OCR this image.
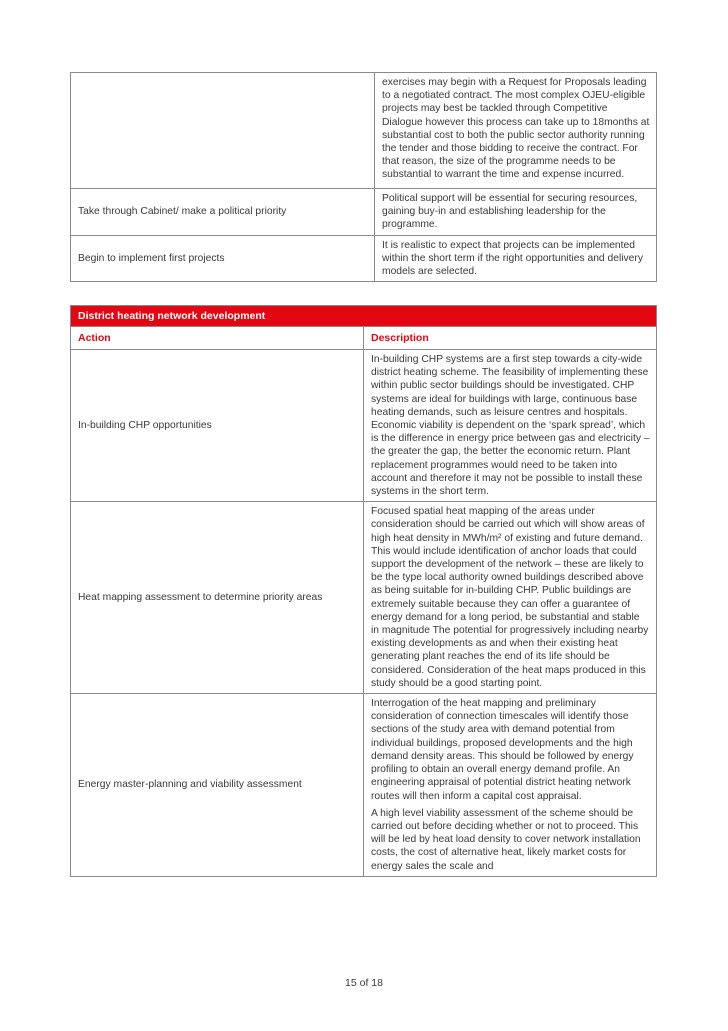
	exercises may begin with a Request for Proposals leading to a negotiated contract. The most complex OJEU-eligible projects may best be tackled through Competitive Dialogue however this process can take up to 18months at substantial cost to both the public sector authority running the tender and those bidding to receive the contract. For that reason, the size of the programme needs to be substantial to warrant the time and expense incurred.

Take through Cabinet/ make a political priority	Political support will be essential for securing resources, gaining buy-in and establishing leadership for the programme.

Begin to implement first projects	It is realistic to expect that projects can be implemented within the short term if the right opportunities and delivery models are selected.

District heating network development	
Action	Description
In-building CHP opportunities	In-building CHP systems are a first step towards a city-wide district heating scheme. The feasibility of implementing these within public sector buildings should be investigated. CHP systems are ideal for buildings with large, continuous base heating demands, such as leisure centres and hospitals. Economic viability is dependent on the ‘spark spread’, which is the difference in energy price between gas and electricity – the greater the gap, the better the economic return. Plant replacement programmes would need to be taken into account and therefore it may not be possible to install these systems in the short term.

Heat mapping assessment to determine priority areas	Focused spatial heat mapping of the areas under consideration should be carried out which will show areas of high heat density in MWh/m² of existing and future demand. This would include identification of anchor loads that could support the development of the network – these are likely to be the type local authority owned buildings described above as being suitable for in-building CHP. Public buildings are extremely suitable because they can offer a guarantee of energy demand for a long period, be substantial and stable in magnitude The potential for progressively including nearby existing developments as and when their existing heat generating plant reaches the end of its life should be considered. Consideration of the heat maps produced in this study should be a good starting point.

Energy master-planning and viability assessment	Interrogation of the heat mapping and preliminary consideration of connection timescales will identify those sections of the study area with demand potential from individual buildings, proposed developments and the high demand density areas. This should be followed by energy profiling to obtain an overall energy demand profile. An engineering appraisal of potential district heating network routes will then inform a capital cost appraisal.

A high level viability assessment of the scheme should be carried out before deciding whether or not to proceed. This will be led by heat load density to cover network installation costs, the cost of alternative heat, likely market costs for energy sales the scale and

15 of 18
